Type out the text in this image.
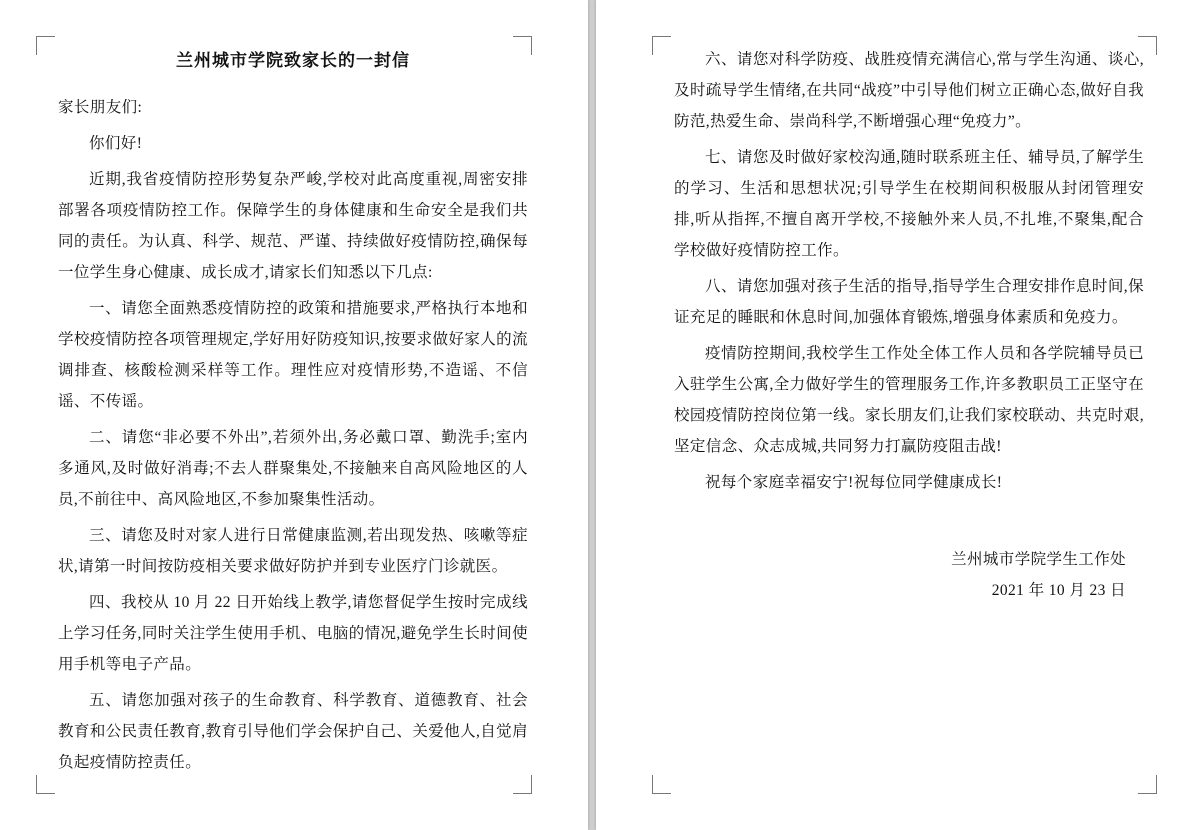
兰州城市学院致家长的一封信

家长朋友们:

你们好!

近期,我省疫情防控形势复杂严峻,学校对此高度重视,周密安排部署各项疫情防控工作。保障学生的身体健康和生命安全是我们共同的责任。为认真、科学、规范、严谨、持续做好疫情防控,确保每一位学生身心健康、成长成才,请家长们知悉以下几点:

一、请您全面熟悉疫情防控的政策和措施要求,严格执行本地和学校疫情防控各项管理规定,学好用好防疫知识,按要求做好家人的流调排查、核酸检测采样等工作。理性应对疫情形势,不造谣、不信谣、不传谣。

二、请您“非必要不外出”,若须外出,务必戴口罩、勤洗手;室内多通风,及时做好消毒;不去人群聚集处,不接触来自高风险地区的人员,不前往中、高风险地区,不参加聚集性活动。

三、请您及时对家人进行日常健康监测,若出现发热、咳嗽等症状,请第一时间按防疫相关要求做好防护并到专业医疗门诊就医。

四、我校从 10 月 22 日开始线上教学,请您督促学生按时完成线上学习任务,同时关注学生使用手机、电脑的情况,避免学生长时间使用手机等电子产品。

五、请您加强对孩子的生命教育、科学教育、道德教育、社会教育和公民责任教育,教育引导他们学会保护自己、关爱他人,自觉肩负起疫情防控责任。

六、请您对科学防疫、战胜疫情充满信心,常与学生沟通、谈心,及时疏导学生情绪,在共同“战疫”中引导他们树立正确心态,做好自我防范,热爱生命、崇尚科学,不断增强心理“免疫力”。

七、请您及时做好家校沟通,随时联系班主任、辅导员,了解学生的学习、生活和思想状况;引导学生在校期间积极服从封闭管理安排,听从指挥,不擅自离开学校,不接触外来人员,不扎堆,不聚集,配合学校做好疫情防控工作。

八、请您加强对孩子生活的指导,指导学生合理安排作息时间,保证充足的睡眠和休息时间,加强体育锻炼,增强身体素质和免疫力。

疫情防控期间,我校学生工作处全体工作人员和各学院辅导员已入驻学生公寓,全力做好学生的管理服务工作,许多教职员工正坚守在校园疫情防控岗位第一线。家长朋友们,让我们家校联动、共克时艰,坚定信念、众志成城,共同努力打赢防疫阻击战!

祝每个家庭幸福安宁!祝每位同学健康成长!

兰州城市学院学生工作处
2021 年 10 月 23 日
